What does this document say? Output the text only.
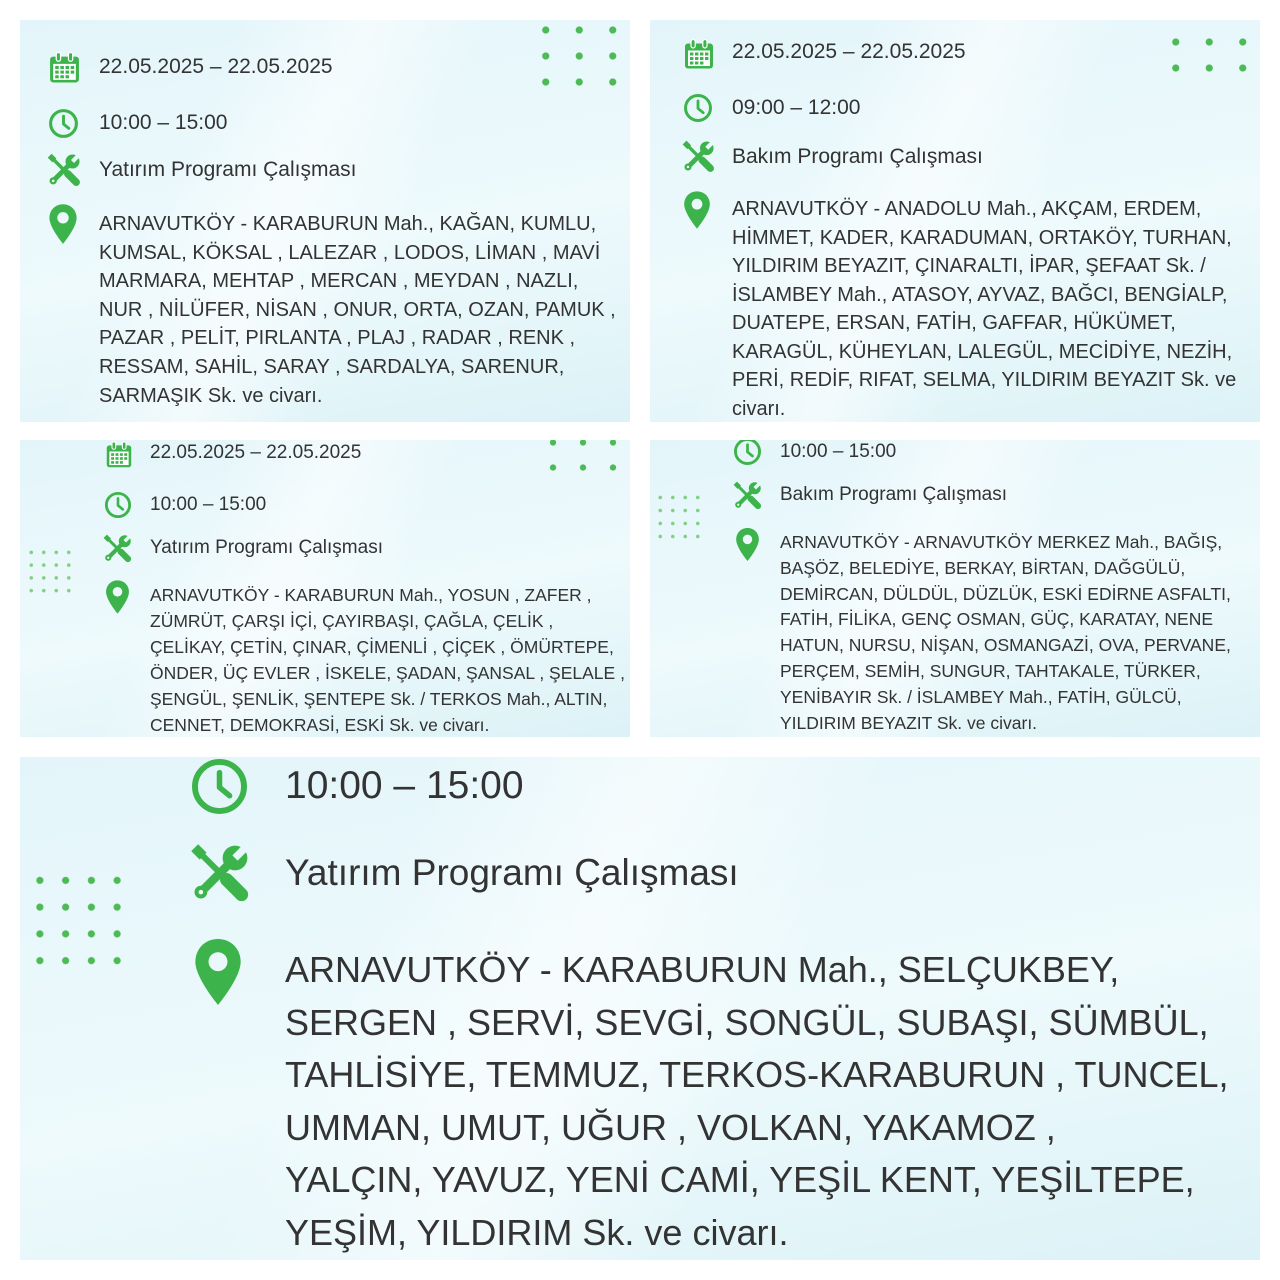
22.05.2025 – 22.05.2025
10:00 – 15:00
Yatırım Programı Çalışması
ARNAVUTKÖY - KARABURUN Mah., KAĞAN, KUMLU,
KUMSAL, KÖKSAL , LALEZAR , LODOS, LİMAN , MAVİ
MARMARA, MEHTAP , MERCAN , MEYDAN , NAZLI,
NUR , NİLÜFER, NİSAN , ONUR, ORTA, OZAN, PAMUK ,
PAZAR , PELİT, PIRLANTA , PLAJ , RADAR , RENK ,
RESSAM, SAHİL, SARAY , SARDALYA, SARENUR,
SARMAŞIK Sk. ve civarı.
22.05.2025 – 22.05.2025
09:00 – 12:00
Bakım Programı Çalışması
ARNAVUTKÖY - ANADOLU Mah., AKÇAM, ERDEM,
HİMMET, KADER, KARADUMAN, ORTAKÖY, TURHAN,
YILDIRIM BEYAZIT, ÇINARALTI, İPAR, ŞEFAAT Sk. /
İSLAMBEY Mah., ATASOY, AYVAZ, BAĞCI, BENGİALP,
DUATEPE, ERSAN, FATİH, GAFFAR, HÜKÜMET,
KARAGÜL, KÜHEYLAN, LALEGÜL, MECİDİYE, NEZİH,
PERİ, REDİF, RIFAT, SELMA, YILDIRIM BEYAZIT Sk. ve
civarı.
22.05.2025 – 22.05.2025
10:00 – 15:00
Yatırım Programı Çalışması
ARNAVUTKÖY - KARABURUN Mah., YOSUN , ZAFER ,
ZÜMRÜT, ÇARŞI İÇİ, ÇAYIRBAŞI, ÇAĞLA, ÇELİK ,
ÇELİKAY, ÇETİN, ÇINAR, ÇİMENLİ , ÇİÇEK , ÖMÜRTEPE,
ÖNDER, ÜÇ EVLER , İSKELE, ŞADAN, ŞANSAL , ŞELALE ,
ŞENGÜL, ŞENLİK, ŞENTEPE Sk. / TERKOS Mah., ALTIN,
CENNET, DEMOKRASİ, ESKİ Sk. ve civarı.
10:00 – 15:00
Bakım Programı Çalışması
ARNAVUTKÖY - ARNAVUTKÖY MERKEZ Mah., BAĞIŞ,
BAŞÖZ, BELEDİYE, BERKAY, BİRTAN, DAĞGÜLÜ,
DEMİRCAN, DÜLDÜL, DÜZLÜK, ESKİ EDİRNE ASFALTI,
FATİH, FİLİKA, GENÇ OSMAN, GÜÇ, KARATAY, NENE
HATUN, NURSU, NİŞAN, OSMANGAZİ, OVA, PERVANE,
PERÇEM, SEMİH, SUNGUR, TAHTAKALE, TÜRKER,
YENİBAYIR Sk. / İSLAMBEY Mah., FATİH, GÜLCÜ,
YILDIRIM BEYAZIT Sk. ve civarı.
10:00 – 15:00
Yatırım Programı Çalışması
ARNAVUTKÖY - KARABURUN Mah., SELÇUKBEY,
SERGEN , SERVİ, SEVGİ, SONGÜL, SUBAŞI, SÜMBÜL,
TAHLİSİYE, TEMMUZ, TERKOS-KARABURUN , TUNCEL,
UMMAN, UMUT, UĞUR , VOLKAN, YAKAMOZ ,
YALÇIN, YAVUZ, YENİ CAMİ, YEŞİL KENT, YEŞİLTEPE,
YEŞİM, YILDIRIM Sk. ve civarı.
